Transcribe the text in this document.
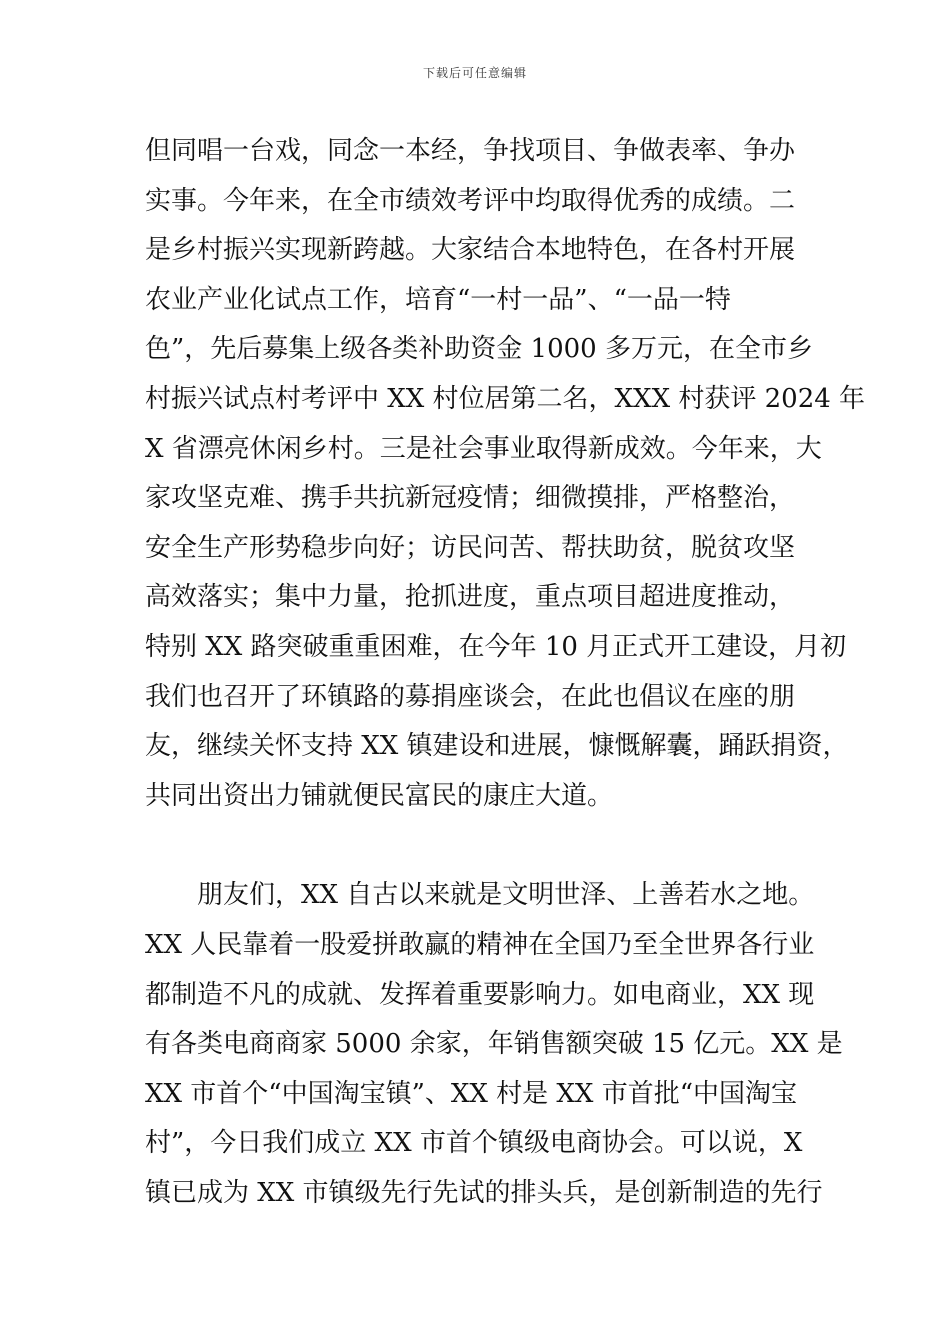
下载后可任意编辑
但同唱一台戏，同念一本经，争找项目、争做表率、争办
实事。今年来，在全市绩效考评中均取得优秀的成绩。二
是乡村振兴实现新跨越。大家结合本地特色，在各村开展
农业产业化试点工作，培育“一村一品”、“一品一特
色”，先后募集上级各类补助资金 1000 多万元，在全市乡
村振兴试点村考评中 XX 村位居第二名，XXX 村获评 2024 年
X 省漂亮休闲乡村。三是社会事业取得新成效。今年来，大
家攻坚克难、携手共抗新冠疫情；细微摸排，严格整治，
安全生产形势稳步向好；访民问苦、帮扶助贫，脱贫攻坚
高效落实；集中力量，抢抓进度，重点项目超进度推动，
特别 XX 路突破重重困难，在今年 10 月正式开工建设，月初
我们也召开了环镇路的募捐座谈会，在此也倡议在座的朋
友，继续关怀支持 XX 镇建设和进展，慷慨解囊，踊跃捐资，
共同出资出力铺就便民富民的康庄大道。
　　朋友们，XX 自古以来就是文明世泽、上善若水之地。
XX 人民靠着一股爱拼敢赢的精神在全国乃至全世界各行业
都制造不凡的成就、发挥着重要影响力。如电商业，XX 现
有各类电商商家 5000 余家，年销售额突破 15 亿元。XX 是
XX 市首个“中国淘宝镇”、XX 村是 XX 市首批“中国淘宝
村”，今日我们成立 XX 市首个镇级电商协会。可以说，X
镇已成为 XX 市镇级先行先试的排头兵，是创新制造的先行
